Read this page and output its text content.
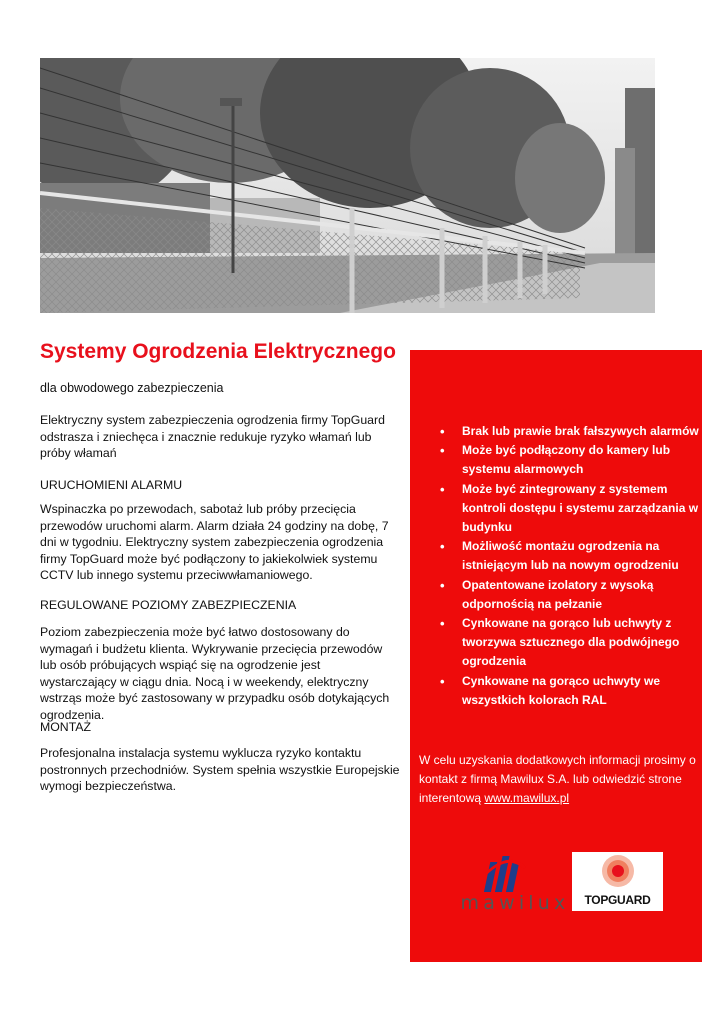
Systemy Ogrodzenia Elektrycznego
dla obwodowego zabezpieczenia
Elektryczny system zabezpieczenia ogrodzenia firmy TopGuard odstrasza i zniechęca i znacznie redukuje ryzyko włamań lub próby włamań
URUCHOMIENI ALARMU
Wspinaczka po przewodach, sabotaż lub próby przecięcia przewodów uruchomi alarm. Alarm działa 24 godziny na dobę, 7 dni w tygodniu. Elektryczny system zabezpieczenia ogrodzenia firmy TopGuard może być podłączony to jakiekolwiek systemu CCTV lub innego systemu przeciwwłamaniowego.
REGULOWANE POZIOMY ZABEZPIECZENIA
Poziom zabezpieczenia może być łatwo dostosowany do wymagań i budżetu klienta. Wykrywanie przecięcia przewodów lub osób próbujących wspiąć się na ogrodzenie jest wystarczający w ciągu dnia. Nocą i w weekendy, elektryczny wstrząs może być zastosowany w przypadku osób dotykających ogrodzenia.
MONTAŻ
Profesjonalna instalacja systemu wyklucza ryzyko kontaktu postronnych przechodniów. System spełnia wszystkie Europejskie wymogi bezpieczeństwa.
• Brak lub prawie brak fałszywych alarmów
• Może być podłączony do kamery lub systemu alarmowych
• Może być zintegrowany z systemem kontroli dostępu i systemu zarządzania w budynku
• Możliwość montażu ogrodzenia na istniejącym lub na nowym ogrodzeniu
• Opatentowane izolatory z wysoką odpornością na pełzanie
• Cynkowane na gorąco lub uchwyty z tworzywa sztucznego dla podwójnego ogrodzenia
• Cynkowane na gorąco uchwyty we wszystkich kolorach RAL
W celu uzyskania dodatkowych informacji prosimy o kontakt z firmą Mawilux S.A. lub odwiedzić strone interentową www.mawilux.pl
mawilux	TOPGUARD
